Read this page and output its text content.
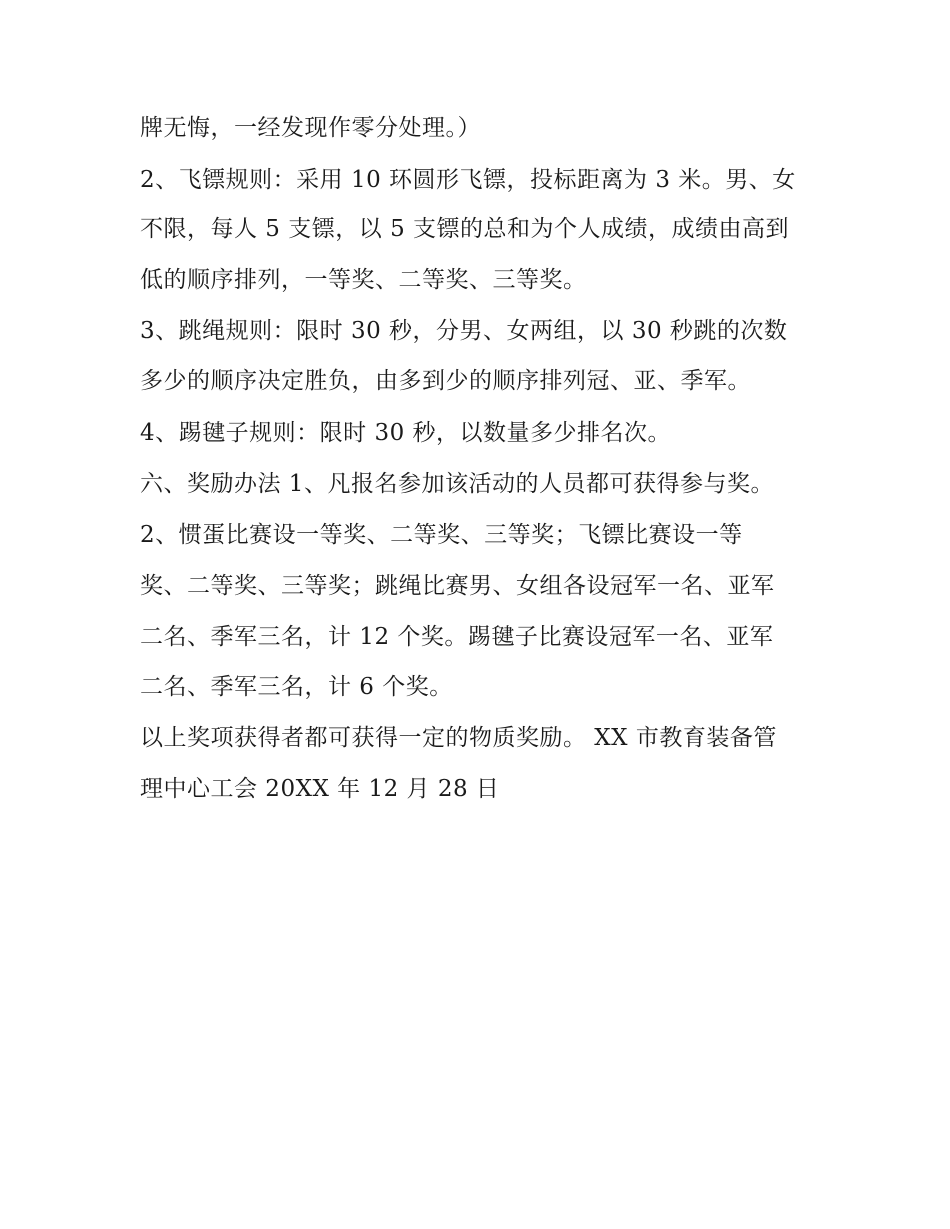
牌无悔，一经发现作零分处理。）

2、飞镖规则：采用 10 环圆形飞镖，投标距离为 3 米。男、女

不限，每人 5 支镖，以 5 支镖的总和为个人成绩，成绩由高到

低的顺序排列，一等奖、二等奖、三等奖。

3、跳绳规则：限时 30 秒，分男、女两组，以 30 秒跳的次数

多少的顺序决定胜负，由多到少的顺序排列冠、亚、季军。

4、踢毽子规则：限时 30 秒，以数量多少排名次。

六、奖励办法 1、凡报名参加该活动的人员都可获得参与奖。

2、惯蛋比赛设一等奖、二等奖、三等奖；飞镖比赛设一等

奖、二等奖、三等奖；跳绳比赛男、女组各设冠军一名、亚军

二名、季军三名，计 12 个奖。踢毽子比赛设冠军一名、亚军

二名、季军三名，计 6 个奖。

以上奖项获得者都可获得一定的物质奖励。 XX 市教育装备管

理中心工会 20XX 年 12 月 28 日
